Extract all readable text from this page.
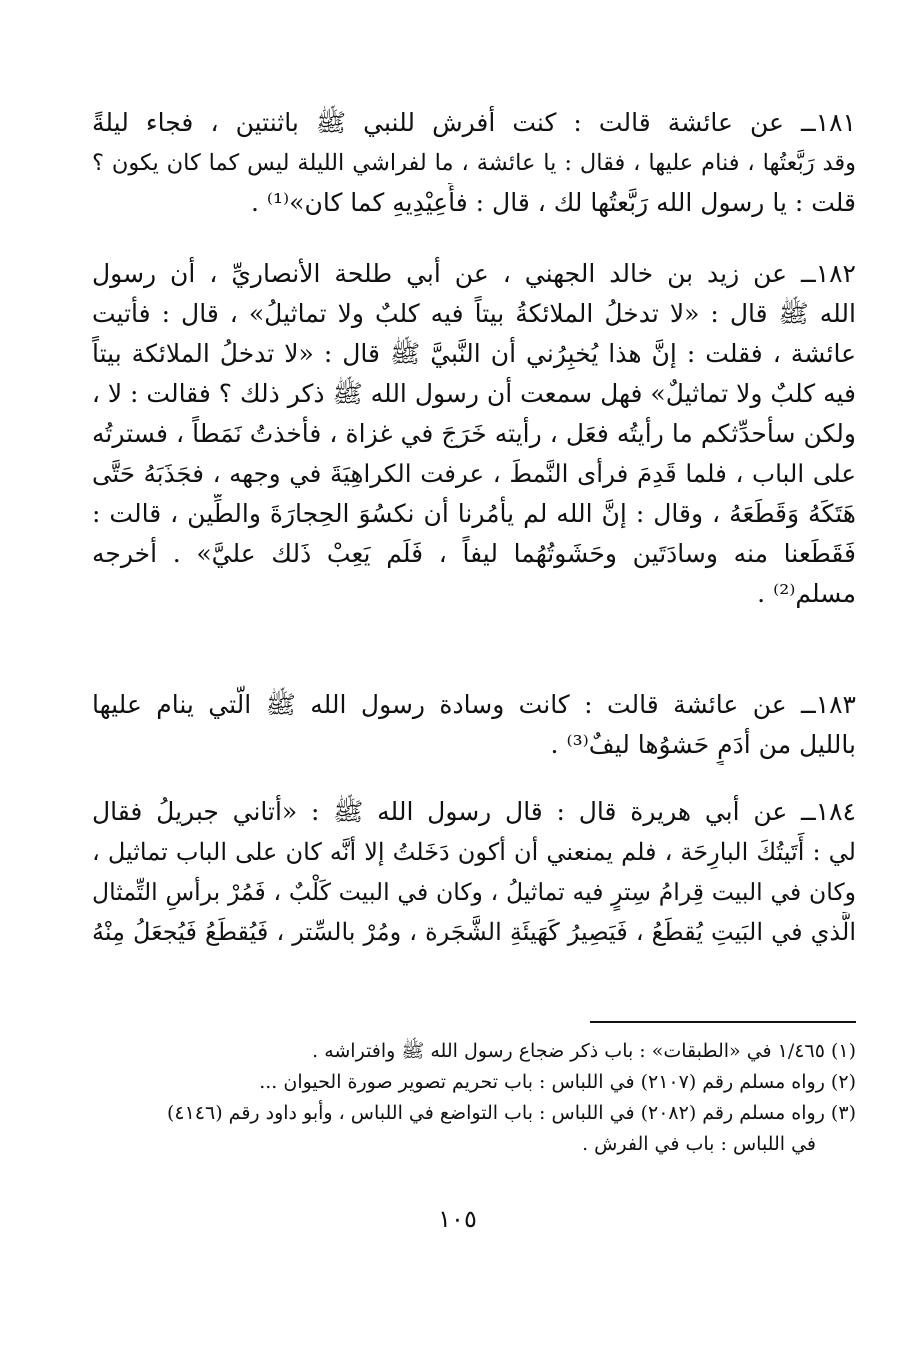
١٨١ــ عن عائشة قالت : كنت أفرش للنبي ﷺ باثنتين ، فجاء ليلةً
وقد رَبَّعتُها ، فنام عليها ، فقال : يا عائشة ، ما لفراشي الليلة ليس كما كان يكون ؟
قلت : يا رسول الله رَبَّعتُها لك ، قال : فأَعِيْدِيهِ كما كان»⁽¹⁾ .
١٨٢ــ عن زيد بن خالد الجهني ، عن أبي طلحة الأنصاريِّ ، أن رسول
الله ﷺ قال : «لا تدخلُ الملائكةُ بيتاً فيه كلبٌ ولا تماثيلُ» ، قال : فأتيت
عائشة ، فقلت : إنَّ هذا يُخبِرُني أن النَّبيَّ ﷺ قال : «لا تدخلُ الملائكة بيتاً
فيه كلبٌ ولا تماثيلٌ» فهل سمعت أن رسول الله ﷺ ذكر ذلك ؟ فقالت : لا ،
ولكن سأحدِّثكم ما رأيتُه فعَل ، رأيته خَرَجَ في غزاة ، فأخذتُ نَمَطاً ، فسترتُه
على الباب ، فلما قَدِمَ فرأى النَّمطَ ، عرفت الكراهِيَةَ في وجهه ، فجَذَبَهُ حَتَّى
هَتَكَهُ وَقَطَعَهُ ، وقال : إنَّ الله لم يأمُرنا أن نكسُوَ الحِجارَةَ والطِّين ، قالت :
فَقَطَعنا منه وسادَتَين وحَشَوتُهُما ليفاً ، فَلَم يَعِبْ ذَلك عليَّ» . أخرجه
مسلم⁽²⁾ .
١٨٣ــ عن عائشة قالت : كانت وسادة رسول الله ﷺ الَّتي ينام عليها
بالليل من أدَمٍ حَشوُها ليفٌ⁽³⁾ .
١٨٤ــ عن أبي هريرة قال : قال رسول الله ﷺ : «أتاني جبريلُ فقال
لي : أَتَيتُكَ البارِحَة ، فلم يمنعني أن أكون دَخَلتُ إلا أنَّه كان على الباب تماثيل ،
وكان في البيت قِرامُ سِترٍ فيه تماثيلُ ، وكان في البيت كَلْبٌ ، فَمُرْ برأسِ التِّمثال
الَّذي في البَيتِ يُقطَعُ ، فَيَصِيرُ كَهَيئَةِ الشَّجَرة ، ومُرْ بالسِّتر ، فَيُقطَعُ فَيُجعَلُ مِنْهُ
(١) ١/٤٦٥ في «الطبقات» : باب ذكر ضجاع رسول الله ﷺ وافتراشه .
(٢) رواه مسلم رقم (٢١٠٧) في اللباس : باب تحريم تصوير صورة الحيوان ...
(٣) رواه مسلم رقم (٢٠٨٢) في اللباس : باب التواضع في اللباس ، وأبو داود رقم (٤١٤٦)
في اللباس : باب في الفرش .
١٠٥
